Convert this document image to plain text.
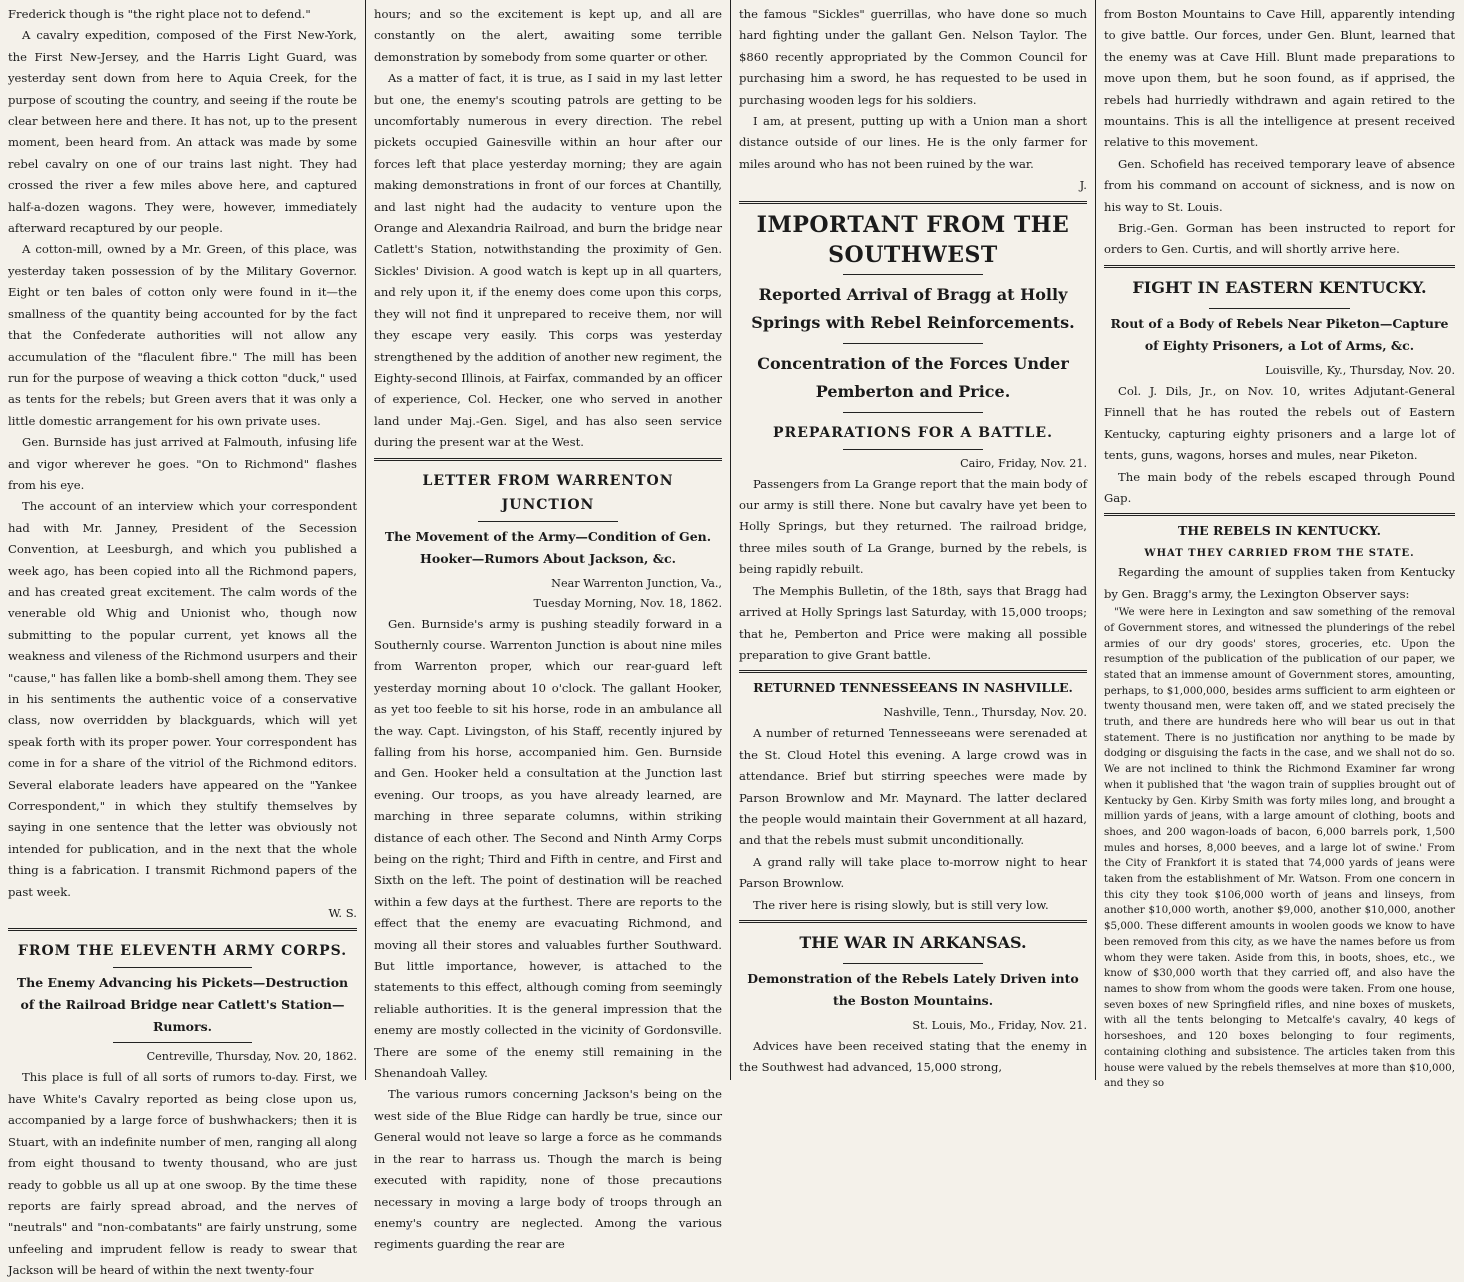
Frederick though is "the right place not to defend."

A cavalry expedition, composed of the First New-York, the First New-Jersey, and the Harris Light Guard, was yesterday sent down from here to Aquia Creek, for the purpose of scouting the country, and seeing if the route be clear between here and there. It has not, up to the present moment, been heard from. An attack was made by some rebel cavalry on one of our trains last night. They had crossed the river a few miles above here, and captured half-a-dozen wagons. They were, however, immediately afterward recaptured by our people.

A cotton-mill, owned by a Mr. Green, of this place, was yesterday taken possession of by the Military Governor. Eight or ten bales of cotton only were found in it—the smallness of the quantity being accounted for by the fact that the Confederate authorities will not allow any accumulation of the "flaculent fibre." The mill has been run for the purpose of weaving a thick cotton "duck," used as tents for the rebels; but Green avers that it was only a little domestic arrangement for his own private uses.

Gen. Burnside has just arrived at Falmouth, infusing life and vigor wherever he goes. "On to Richmond" flashes from his eye.

The account of an interview which your correspondent had with Mr. Janney, President of the Secession Convention, at Leesburgh, and which you published a week ago, has been copied into all the Richmond papers, and has created great excitement. The calm words of the venerable old Whig and Unionist who, though now submitting to the popular current, yet knows all the weakness and vileness of the Richmond usurpers and their "cause," has fallen like a bomb-shell among them. They see in his sentiments the authentic voice of a conservative class, now overridden by blackguards, which will yet speak forth with its proper power. Your correspondent has come in for a share of the vitriol of the Richmond editors. Several elaborate leaders have appeared on the "Yankee Correspondent," in which they stultify themselves by saying in one sentence that the letter was obviously not intended for publication, and in the next that the whole thing is a fabrication. I transmit Richmond papers of the past week.

W. S.

FROM THE ELEVENTH ARMY CORPS.
The Enemy Advancing his Pickets—Destruction of the Railroad Bridge near Catlett's Station—Rumors.

Centreville, Thursday, Nov. 20, 1862.

This place is full of all sorts of rumors to-day. First, we have White's Cavalry reported as being close upon us, accompanied by a large force of bushwhackers; then it is Stuart, with an indefinite number of men, ranging all along from eight thousand to twenty thousand, who are just ready to gobble us all up at one swoop. By the time these reports are fairly spread abroad, and the nerves of "neutrals" and "non-combatants" are fairly unstrung, some unfeeling and imprudent fellow is ready to swear that Jackson will be heard of within the next twenty-four

hours; and so the excitement is kept up, and all are constantly on the alert, awaiting some terrible demonstration by somebody from some quarter or other.

As a matter of fact, it is true, as I said in my last letter but one, the enemy's scouting patrols are getting to be uncomfortably numerous in every direction. The rebel pickets occupied Gainesville within an hour after our forces left that place yesterday morning; they are again making demonstrations in front of our forces at Chantilly, and last night had the audacity to venture upon the Orange and Alexandria Railroad, and burn the bridge near Catlett's Station, notwithstanding the proximity of Gen. Sickles' Division. A good watch is kept up in all quarters, and rely upon it, if the enemy does come upon this corps, they will not find it unprepared to receive them, nor will they escape very easily. This corps was yesterday strengthened by the addition of another new regiment, the Eighty-second Illinois, at Fairfax, commanded by an officer of experience, Col. Hecker, one who served in another land under Maj.-Gen. Sigel, and has also seen service during the present war at the West.

LETTER FROM WARRENTON JUNCTION
The Movement of the Army—Condition of Gen. Hooker—Rumors About Jackson, &c.

Near Warrenton Junction, Va.,

Tuesday Morning, Nov. 18, 1862.

Gen. Burnside's army is pushing steadily forward in a Southernly course. Warrenton Junction is about nine miles from Warrenton proper, which our rear-guard left yesterday morning about 10 o'clock. The gallant Hooker, as yet too feeble to sit his horse, rode in an ambulance all the way. Capt. Livingston, of his Staff, recently injured by falling from his horse, accompanied him. Gen. Burnside and Gen. Hooker held a consultation at the Junction last evening. Our troops, as you have already learned, are marching in three separate columns, within striking distance of each other. The Second and Ninth Army Corps being on the right; Third and Fifth in centre, and First and Sixth on the left. The point of destination will be reached within a few days at the furthest. There are reports to the effect that the enemy are evacuating Richmond, and moving all their stores and valuables further Southward. But little importance, however, is attached to the statements to this effect, although coming from seemingly reliable authorities. It is the general impression that the enemy are mostly collected in the vicinity of Gordonsville. There are some of the enemy still remaining in the Shenandoah Valley.

The various rumors concerning Jackson's being on the west side of the Blue Ridge can hardly be true, since our General would not leave so large a force as he commands in the rear to harrass us. Though the march is being executed with rapidity, none of those precautions necessary in moving a large body of troops through an enemy's country are neglected. Among the various regiments guarding the rear are

the famous "Sickles" guerrillas, who have done so much hard fighting under the gallant Gen. Nelson Taylor. The $860 recently appropriated by the Common Council for purchasing him a sword, he has requested to be used in purchasing wooden legs for his soldiers.

I am, at present, putting up with a Union man a short distance outside of our lines. He is the only farmer for miles around who has not been ruined by the war.

J.

IMPORTANT FROM THE SOUTHWEST
Reported Arrival of Bragg at Holly Springs with Rebel Reinforcements.
Concentration of the Forces Under Pemberton and Price.
PREPARATIONS FOR A BATTLE.

Cairo, Friday, Nov. 21.

Passengers from La Grange report that the main body of our army is still there. None but cavalry have yet been to Holly Springs, but they returned. The railroad bridge, three miles south of La Grange, burned by the rebels, is being rapidly rebuilt.

The Memphis Bulletin, of the 18th, says that Bragg had arrived at Holly Springs last Saturday, with 15,000 troops; that he, Pemberton and Price were making all possible preparation to give Grant battle.

RETURNED TENNESSEEANS IN NASHVILLE.

Nashville, Tenn., Thursday, Nov. 20.

A number of returned Tennesseeans were serenaded at the St. Cloud Hotel this evening. A large crowd was in attendance. Brief but stirring speeches were made by Parson Brownlow and Mr. Maynard. The latter declared the people would maintain their Government at all hazard, and that the rebels must submit unconditionally.

A grand rally will take place to-morrow night to hear Parson Brownlow.

The river here is rising slowly, but is still very low.

THE WAR IN ARKANSAS.
Demonstration of the Rebels Lately Driven into the Boston Mountains.

St. Louis, Mo., Friday, Nov. 21.

Advices have been received stating that the enemy in the Southwest had advanced, 15,000 strong,

from Boston Mountains to Cave Hill, apparently intending to give battle. Our forces, under Gen. Blunt, learned that the enemy was at Cave Hill. Blunt made preparations to move upon them, but he soon found, as if apprised, the rebels had hurriedly withdrawn and again retired to the mountains. This is all the intelligence at present received relative to this movement.

Gen. Schofield has received temporary leave of absence from his command on account of sickness, and is now on his way to St. Louis.

Brig.-Gen. Gorman has been instructed to report for orders to Gen. Curtis, and will shortly arrive here.

FIGHT IN EASTERN KENTUCKY.
Rout of a Body of Rebels Near Piketon—Capture of Eighty Prisoners, a Lot of Arms, &c.

Louisville, Ky., Thursday, Nov. 20.

Col. J. Dils, Jr., on Nov. 10, writes Adjutant-General Finnell that he has routed the rebels out of Eastern Kentucky, capturing eighty prisoners and a large lot of tents, guns, wagons, horses and mules, near Piketon.

The main body of the rebels escaped through Pound Gap.

THE REBELS IN KENTUCKY.
WHAT THEY CARRIED FROM THE STATE.

Regarding the amount of supplies taken from Kentucky by Gen. Bragg's army, the Lexington Observer says:

"We were here in Lexington and saw something of the removal of Government stores, and witnessed the plunderings of the rebel armies of our dry goods' stores, groceries, etc. Upon the resumption of the publication of the publication of our paper, we stated that an immense amount of Government stores, amounting, perhaps, to $1,000,000, besides arms sufficient to arm eighteen or twenty thousand men, were taken off, and we stated precisely the truth, and there are hundreds here who will bear us out in that statement. There is no justification nor anything to be made by dodging or disguising the facts in the case, and we shall not do so. We are not inclined to think the Richmond Examiner far wrong when it published that 'the wagon train of supplies brought out of Kentucky by Gen. Kirby Smith was forty miles long, and brought a million yards of jeans, with a large amount of clothing, boots and shoes, and 200 wagon-loads of bacon, 6,000 barrels pork, 1,500 mules and horses, 8,000 beeves, and a large lot of swine.' From the City of Frankfort it is stated that 74,000 yards of jeans were taken from the establishment of Mr. Watson. From one concern in this city they took $106,000 worth of jeans and linseys, from another $10,000 worth, another $9,000, another $10,000, another $5,000. These different amounts in woolen goods we know to have been removed from this city, as we have the names before us from whom they were taken. Aside from this, in boots, shoes, etc., we know of $30,000 worth that they carried off, and also have the names to show from whom the goods were taken. From one house, seven boxes of new Springfield rifles, and nine boxes of muskets, with all the tents belonging to Metcalfe's cavalry, 40 kegs of horseshoes, and 120 boxes belonging to four regiments, containing clothing and subsistence. The articles taken from this house were valued by the rebels themselves at more than $10,000, and they so
